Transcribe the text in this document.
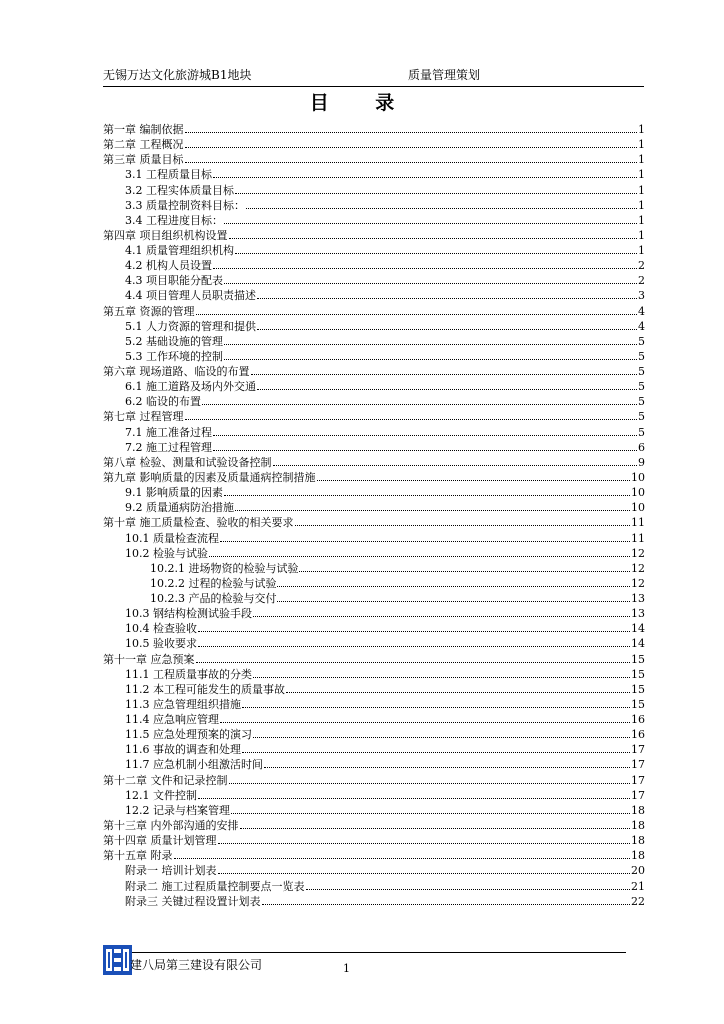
无锡万达文化旅游城B1地块	质量管理策划
目 录
第一章 编制依据	1
第二章 工程概况	1
第三章 质量目标	1
3.1 工程质量目标	1
3.2 工程实体质量目标	1
3.3 质量控制资料目标：	1
3.4 工程进度目标：	1
第四章 项目组织机构设置	1
4.1 质量管理组织机构	1
4.2 机构人员设置	2
4.3 项目职能分配表	2
4.4 项目管理人员职责描述	3
第五章 资源的管理	4
5.1 人力资源的管理和提供	4
5.2 基础设施的管理	5
5.3 工作环境的控制	5
第六章 现场道路、临设的布置	5
6.1 施工道路及场内外交通	5
6.2 临设的布置	5
第七章 过程管理	5
7.1 施工准备过程	5
7.2 施工过程管理	6
第八章 检验、测量和试验设备控制	9
第九章 影响质量的因素及质量通病控制措施	10
9.1 影响质量的因素	10
9.2 质量通病防治措施	10
第十章 施工质量检查、验收的相关要求	11
10.1 质量检查流程	11
10.2 检验与试验	12
10.2.1 进场物资的检验与试验	12
10.2.2 过程的检验与试验	12
10.2.3 产品的检验与交付	13
10.3 钢结构检测试验手段	13
10.4 检查验收	14
10.5 验收要求	14
第十一章 应急预案	15
11.1 工程质量事故的分类	15
11.2 本工程可能发生的质量事故	15
11.3 应急管理组织措施	15
11.4 应急响应管理	16
11.5 应急处理预案的演习	16
11.6 事故的调查和处理	17
11.7 应急机制小组激活时间	17
第十二章 文件和记录控制	17
12.1 文件控制	17
12.2 记录与档案管理	18
第十三章 内外部沟通的安排	18
第十四章 质量计划管理	18
第十五章 附录	18
附录一 培训计划表	20
附录二 施工过程质量控制要点一览表	21
附录三 关键过程设置计划表	22
建八局第三建设有限公司	1
